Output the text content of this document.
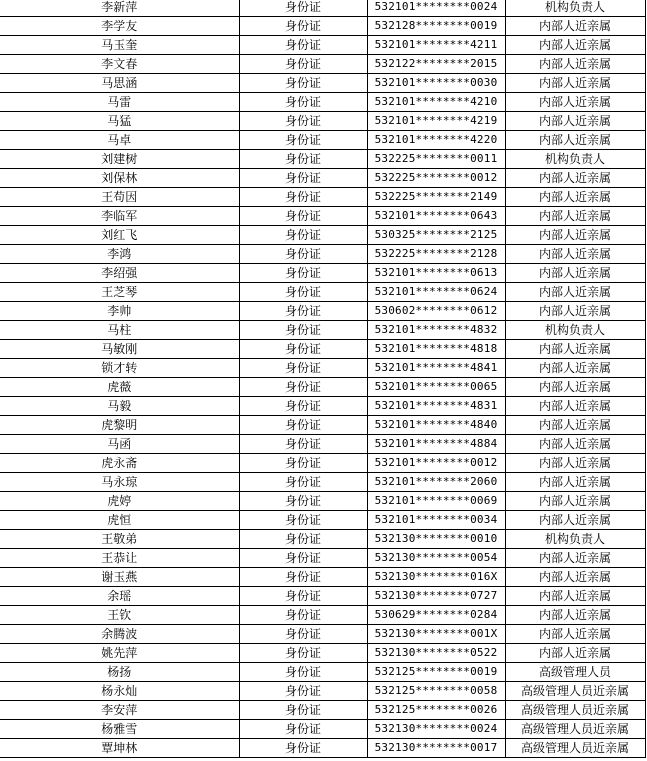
李新萍	身份证	532101********0024	机构负责人
李学友	身份证	532128********0019	内部人近亲属
马玉奎	身份证	532101********4211	内部人近亲属
李文春	身份证	532122********2015	内部人近亲属
马思涵	身份证	532101********0030	内部人近亲属
马雷	身份证	532101********4210	内部人近亲属
马猛	身份证	532101********4219	内部人近亲属
马卓	身份证	532101********4220	内部人近亲属
刘建树	身份证	532225********0011	机构负责人
刘保林	身份证	532225********0012	内部人近亲属
王苟因	身份证	532225********2149	内部人近亲属
李临军	身份证	532101********0643	内部人近亲属
刘红飞	身份证	530325********2125	内部人近亲属
李鸿	身份证	532225********2128	内部人近亲属
李绍强	身份证	532101********0613	内部人近亲属
王芝琴	身份证	532101********0624	内部人近亲属
李帅	身份证	530602********0612	内部人近亲属
马柱	身份证	532101********4832	机构负责人
马敏刚	身份证	532101********4818	内部人近亲属
锁才转	身份证	532101********4841	内部人近亲属
虎薇	身份证	532101********0065	内部人近亲属
马毅	身份证	532101********4831	内部人近亲属
虎黎明	身份证	532101********4840	内部人近亲属
马函	身份证	532101********4884	内部人近亲属
虎永斋	身份证	532101********0012	内部人近亲属
马永琼	身份证	532101********2060	内部人近亲属
虎婷	身份证	532101********0069	内部人近亲属
虎恒	身份证	532101********0034	内部人近亲属
王敬弟	身份证	532130********0010	机构负责人
王恭让	身份证	532130********0054	内部人近亲属
谢玉燕	身份证	532130********016X	内部人近亲属
余瑶	身份证	532130********0727	内部人近亲属
王钦	身份证	530629********0284	内部人近亲属
余腾波	身份证	532130********001X	内部人近亲属
姚先萍	身份证	532130********0522	内部人近亲属
杨扬	身份证	532125********0019	高级管理人员
杨永灿	身份证	532125********0058	高级管理人员近亲属
李安萍	身份证	532125********0026	高级管理人员近亲属
杨雅雪	身份证	532130********0024	高级管理人员近亲属
覃坤林	身份证	532130********0017	高级管理人员近亲属
